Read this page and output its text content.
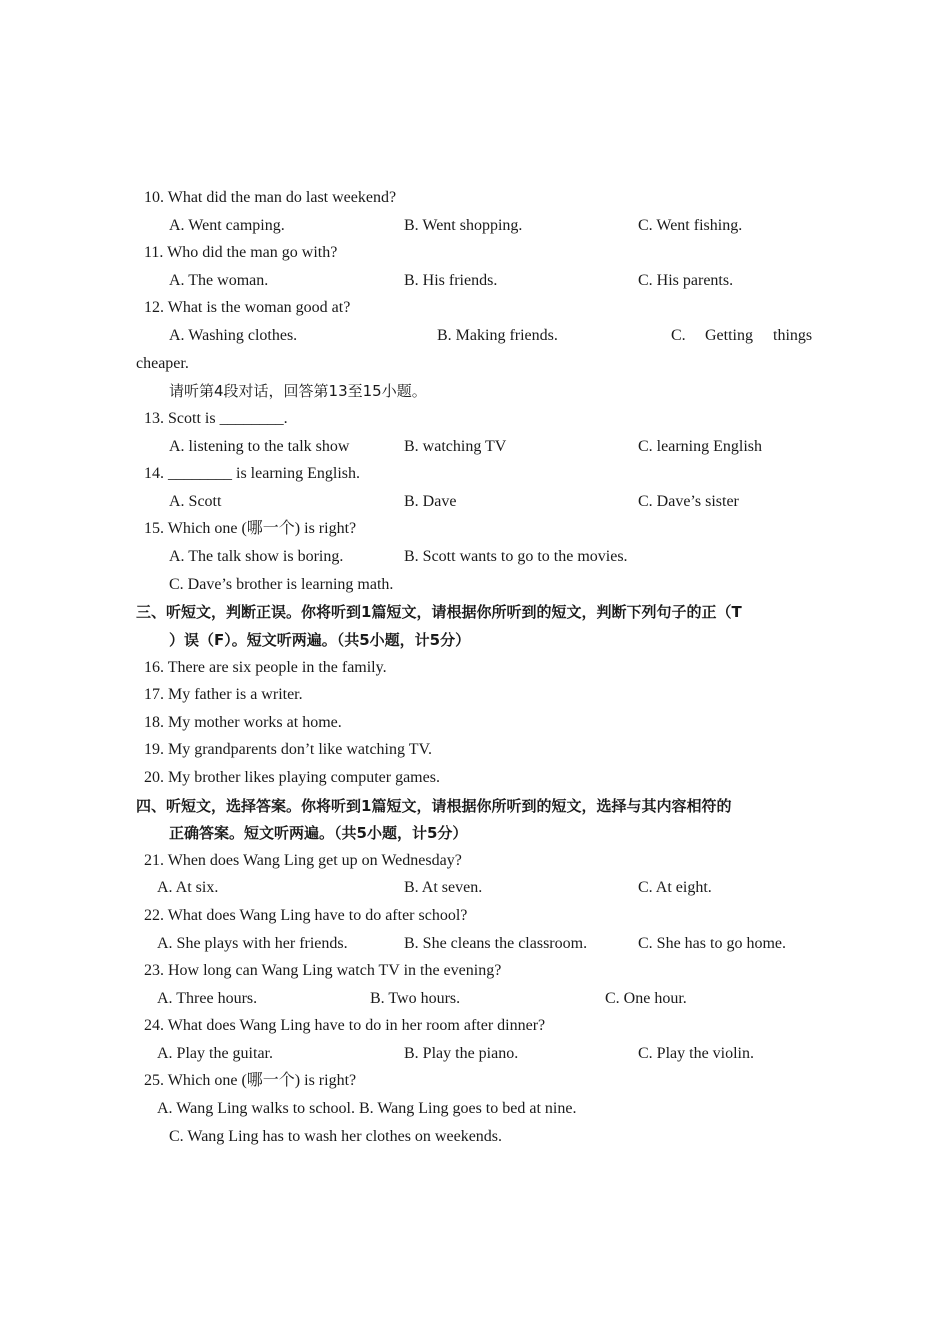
10. What did the man do last weekend?
A. Went camping.	B. Went shopping.	C. Went fishing.
11. Who did the man go with?
A. The woman.	B. His friends.	C. His parents.
12. What is the woman good at?
A. Washing clothes.	B. Making friends.	C. Getting things
cheaper.
请听第4段对话，回答第13至15小题。
13. Scott is ________.
A. listening to the talk show	B. watching TV	C. learning English
14. ________ is learning English.
A. Scott	B. Dave	C. Dave’s sister
15. Which one (哪一个) is right?
A. The talk show is boring.	B. Scott wants to go to the movies.
C. Dave’s brother is learning math.
三、听短文，判断正误。你将听到1篇短文，请根据你所听到的短文，判断下列句子的正（T
）误（F）。短文听两遍。（共5小题，计5分）
16. There are six people in the family.
17. My father is a writer.
18. My mother works at home.
19. My grandparents don’t like watching TV.
20. My brother likes playing computer games.
四、听短文，选择答案。你将听到1篇短文，请根据你所听到的短文，选择与其内容相符的
正确答案。短文听两遍。（共5小题，计5分）
21. When does Wang Ling get up on Wednesday?
A. At six.	B. At seven.	C. At eight.
22. What does Wang Ling have to do after school?
A. She plays with her friends.	B. She cleans the classroom.	C. She has to go home.
23. How long can Wang Ling watch TV in the evening?
A. Three hours.	B. Two hours.	C. One hour.
24. What does Wang Ling have to do in her room after dinner?
A. Play the guitar.	B. Play the piano.	C. Play the violin.
25. Which one (哪一个) is right?
A. Wang Ling walks to school. B. Wang Ling goes to bed at nine.
C. Wang Ling has to wash her clothes on weekends.
